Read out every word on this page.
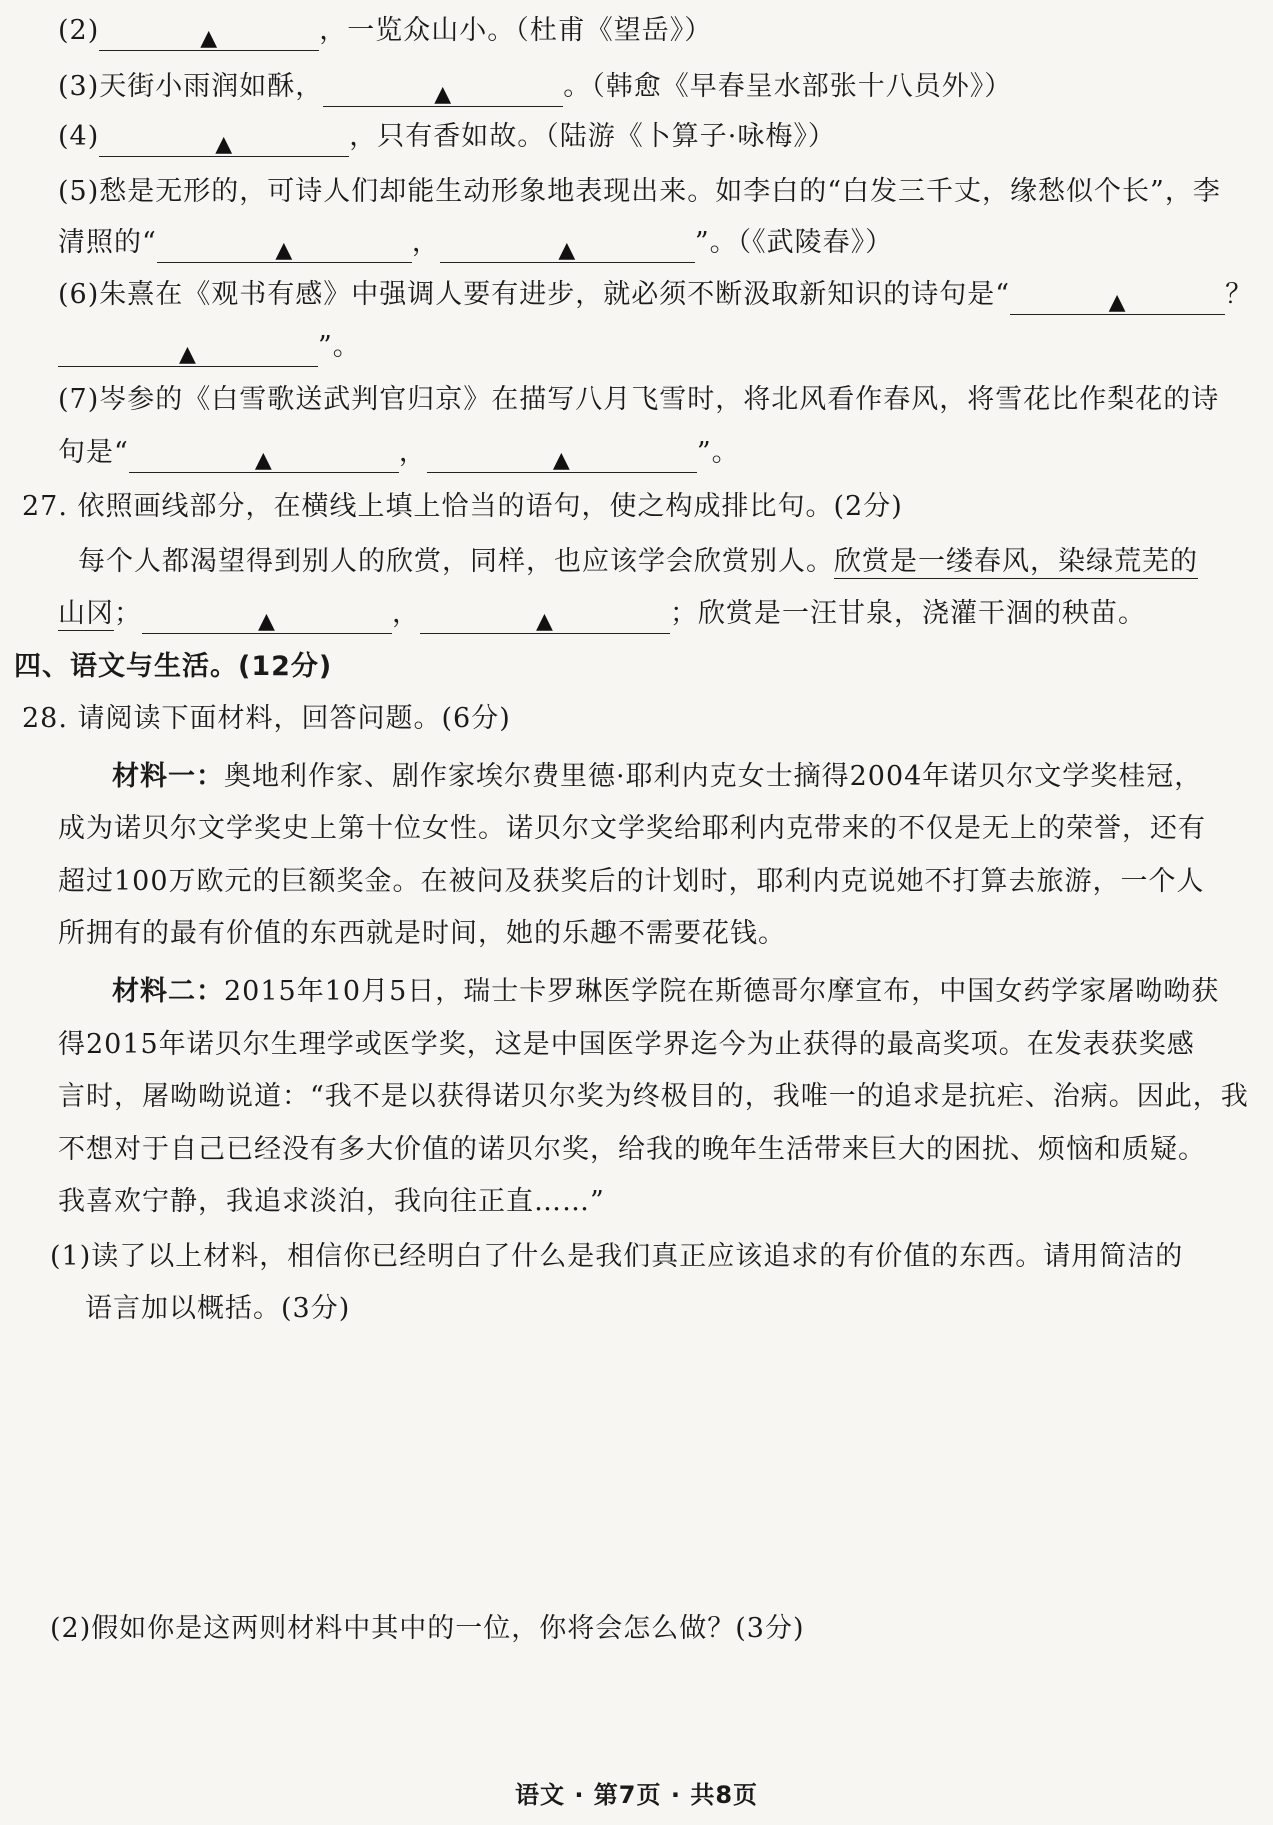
(2)	▲	，一览众山小。（杜甫《望岳》）
(3)天街小雨润如酥，	▲	。（韩愈《早春呈水部张十八员外》）
(4)	▲	，只有香如故。（陆游《卜算子·咏梅》）
(5)愁是无形的，可诗人们却能生动形象地表现出来。如李白的“白发三千丈，缘愁似个长”，李
清照的“	▲	，	▲	”。（《武陵春》）
(6)朱熹在《观书有感》中强调人要有进步，就必须不断汲取新知识的诗句是“	▲	？
▲	”。
(7)岑参的《白雪歌送武判官归京》在描写八月飞雪时，将北风看作春风，将雪花比作梨花的诗
句是“	▲	，	▲	”。
27. 依照画线部分，在横线上填上恰当的语句，使之构成排比句。(2分)
每个人都渴望得到别人的欣赏，同样，也应该学会欣赏别人。欣赏是一缕春风，染绿荒芜的
山冈；	▲	，	▲	；欣赏是一汪甘泉，浇灌干涸的秧苗。
四、语文与生活。(12分)
28. 请阅读下面材料，回答问题。(6分)
材料一：奥地利作家、剧作家埃尔费里德·耶利内克女士摘得2004年诺贝尔文学奖桂冠，
成为诺贝尔文学奖史上第十位女性。诺贝尔文学奖给耶利内克带来的不仅是无上的荣誉，还有
超过100万欧元的巨额奖金。在被问及获奖后的计划时，耶利内克说她不打算去旅游，一个人
所拥有的最有价值的东西就是时间，她的乐趣不需要花钱。
材料二：2015年10月5日，瑞士卡罗琳医学院在斯德哥尔摩宣布，中国女药学家屠呦呦获
得2015年诺贝尔生理学或医学奖，这是中国医学界迄今为止获得的最高奖项。在发表获奖感
言时，屠呦呦说道：“我不是以获得诺贝尔奖为终极目的，我唯一的追求是抗疟、治病。因此，我
不想对于自己已经没有多大价值的诺贝尔奖，给我的晚年生活带来巨大的困扰、烦恼和质疑。
我喜欢宁静，我追求淡泊，我向往正直……”
(1)读了以上材料，相信你已经明白了什么是我们真正应该追求的有价值的东西。请用简洁的
语言加以概括。(3分)
(2)假如你是这两则材料中其中的一位，你将会怎么做？(3分)
语文 · 第7页 · 共8页
